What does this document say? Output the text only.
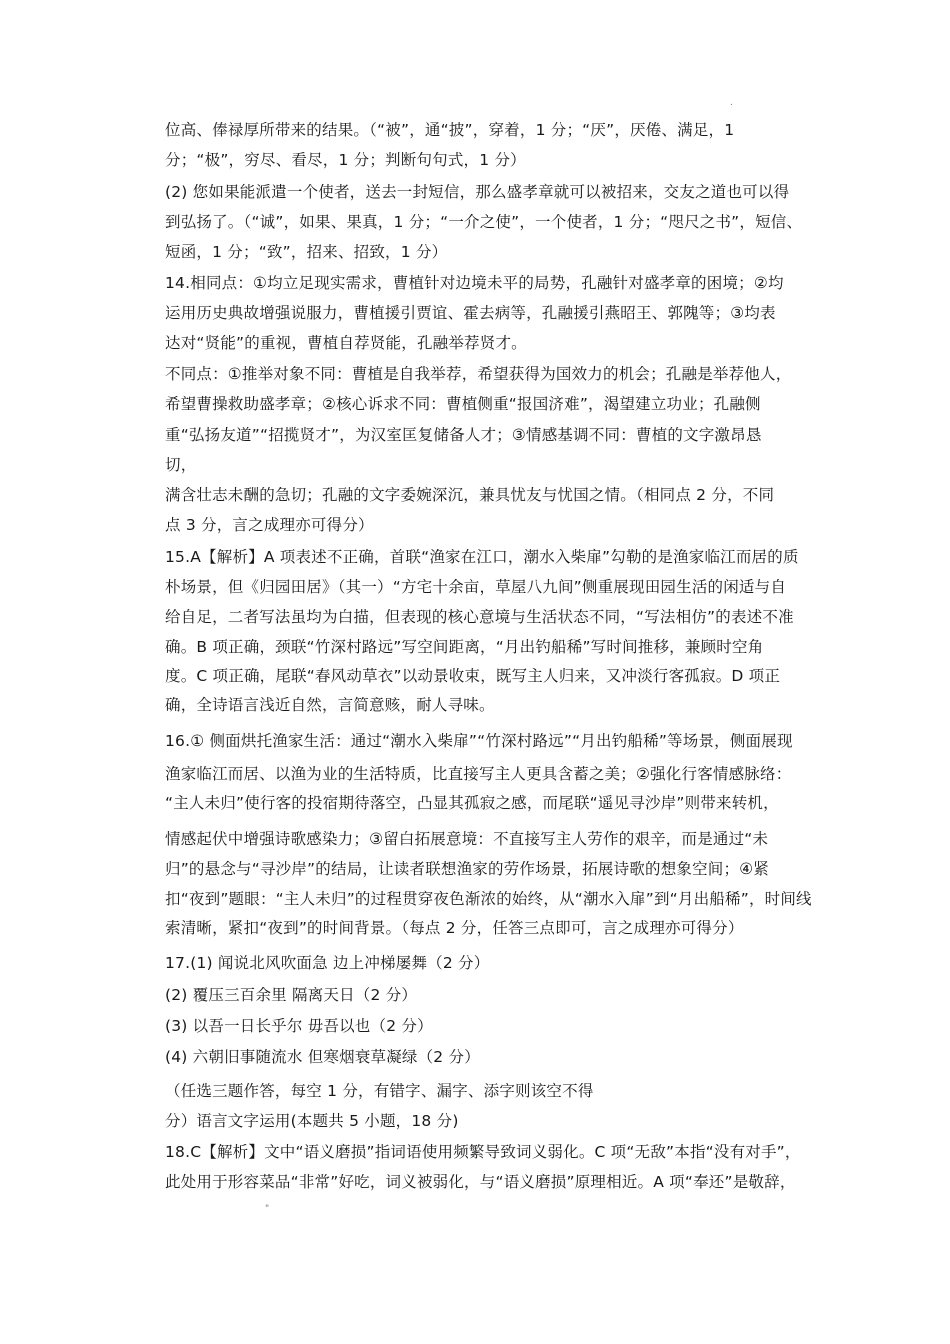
.
位高、俸禄厚所带来的结果。（“被”，通“披”，穿着，1 分；“厌”，厌倦、满足，1
分；“极”，穷尽、看尽，1 分；判断句句式，1 分）
(2) 您如果能派遣一个使者，送去一封短信，那么盛孝章就可以被招来，交友之道也可以得
到弘扬了。（“诚”，如果、果真，1 分；“一介之使”，一个使者，1 分；“咫尺之书”，短信、
短函，1 分；“致”，招来、招致，1 分）
14.相同点：①均立足现实需求，曹植针对边境未平的局势，孔融针对盛孝章的困境；②均
运用历史典故增强说服力，曹植援引贾谊、霍去病等，孔融援引燕昭王、郭隗等；③均表
达对“贤能”的重视，曹植自荐贤能，孔融举荐贤才。
不同点：①推举对象不同：曹植是自我举荐，希望获得为国效力的机会；孔融是举荐他人，
希望曹操救助盛孝章；②核心诉求不同：曹植侧重“报国济难”，渴望建立功业；孔融侧
重“弘扬友道”“招揽贤才”，为汉室匡复储备人才；③情感基调不同：曹植的文字激昂恳
切，
满含壮志未酬的急切；孔融的文字委婉深沉，兼具忧友与忧国之情。（相同点 2 分，不同
点 3 分，言之成理亦可得分）
15.A【解析】A 项表述不正确，首联“渔家在江口，潮水入柴扉”勾勒的是渔家临江而居的质
朴场景，但《归园田居》（其一）“方宅十余亩，草屋八九间”侧重展现田园生活的闲适与自
给自足，二者写法虽均为白描，但表现的核心意境与生活状态不同，“写法相仿”的表述不准
确。B 项正确，颈联“竹深村路远”写空间距离，“月出钓船稀”写时间推移，兼顾时空角
度。C 项正确，尾联“春风动草衣”以动景收束，既写主人归来，又冲淡行客孤寂。D 项正
确，全诗语言浅近自然，言简意赅，耐人寻味。
16.① 侧面烘托渔家生活：通过“潮水入柴扉”“竹深村路远”“月出钓船稀”等场景，侧面展现
渔家临江而居、以渔为业的生活特质，比直接写主人更具含蓄之美；②强化行客情感脉络：
“主人未归”使行客的投宿期待落空，凸显其孤寂之感，而尾联“遥见寻沙岸”则带来转机，
情感起伏中增强诗歌感染力；③留白拓展意境：不直接写主人劳作的艰辛，而是通过“未
归”的悬念与“寻沙岸”的结局，让读者联想渔家的劳作场景，拓展诗歌的想象空间；④紧
扣“夜到”题眼：“主人未归”的过程贯穿夜色渐浓的始终，从“潮水入扉”到“月出船稀”，时间线
索清晰，紧扣“夜到”的时间背景。（每点 2 分，任答三点即可，言之成理亦可得分）
17.(1) 闻说北风吹面急 边上冲梯屡舞（2 分）
(2) 覆压三百余里 隔离天日（2 分）
(3) 以吾一日长乎尔 毋吾以也（2 分）
(4) 六朝旧事随流水 但寒烟衰草凝绿（2 分）
（任选三题作答，每空 1 分，有错字、漏字、添字则该空不得
分）语言文字运用(本题共 5 小题，18 分)
18.C【解析】文中“语义磨损”指词语使用频繁导致词义弱化。C 项“无敌”本指“没有对手”，
此处用于形容菜品“非常”好吃，词义被弱化，与“语义磨损”原理相近。A 项“奉还”是敬辞，
"
